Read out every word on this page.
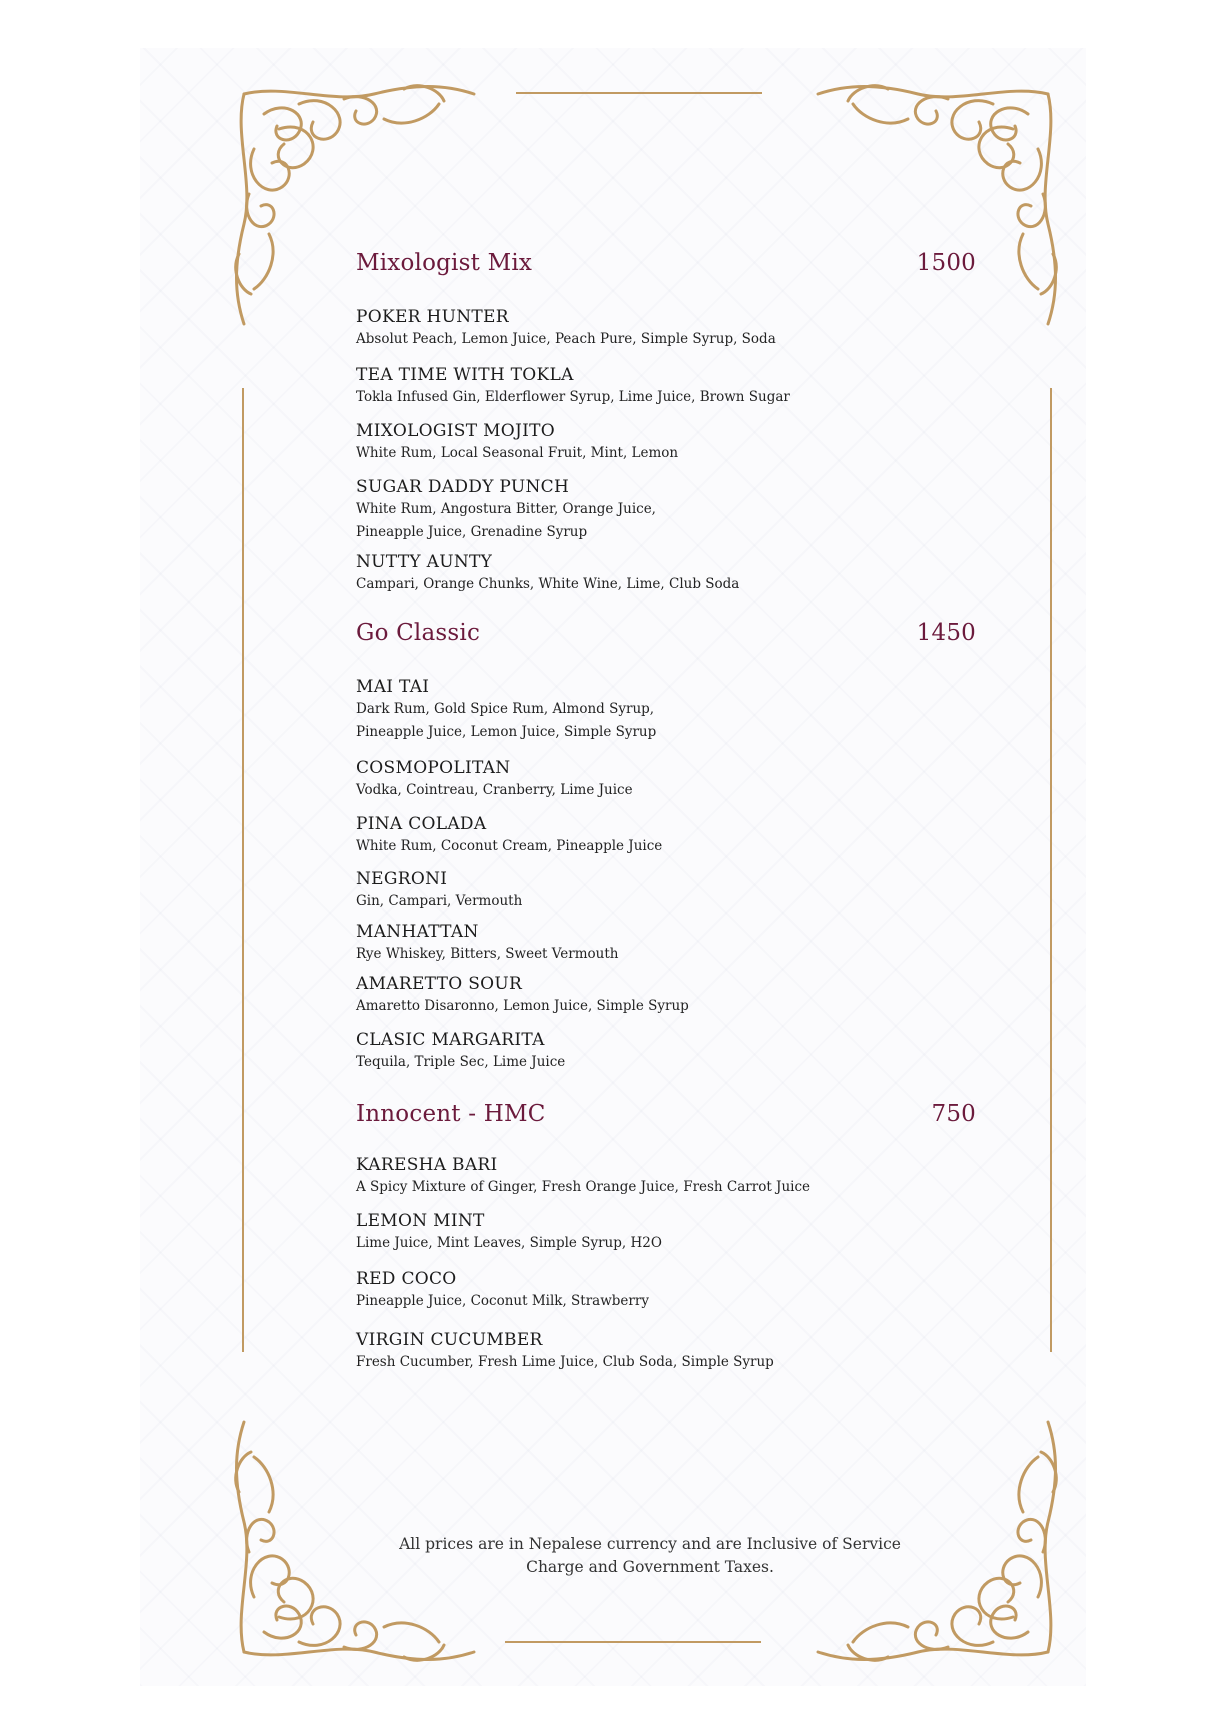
Mixologist Mix	1500
POKER HUNTER
Absolut Peach, Lemon Juice, Peach Pure, Simple Syrup, Soda
TEA TIME WITH TOKLA
Tokla Infused Gin, Elderflower Syrup, Lime Juice, Brown Sugar
MIXOLOGIST MOJITO
White Rum, Local Seasonal Fruit, Mint, Lemon
SUGAR DADDY PUNCH
White Rum, Angostura Bitter, Orange Juice,
Pineapple Juice, Grenadine Syrup
NUTTY AUNTY
Campari, Orange Chunks, White Wine, Lime, Club Soda
Go Classic	1450
MAI TAI
Dark Rum, Gold Spice Rum, Almond Syrup,
Pineapple Juice, Lemon Juice, Simple Syrup
COSMOPOLITAN
Vodka, Cointreau, Cranberry, Lime Juice
PINA COLADA
White Rum, Coconut Cream, Pineapple Juice
NEGRONI
Gin, Campari, Vermouth
MANHATTAN
Rye Whiskey, Bitters, Sweet Vermouth
AMARETTO SOUR
Amaretto Disaronno, Lemon Juice, Simple Syrup
CLASIC MARGARITA
Tequila, Triple Sec, Lime Juice
Innocent - HMC	750
KARESHA BARI
A Spicy Mixture of Ginger, Fresh Orange Juice, Fresh Carrot Juice
LEMON MINT
Lime Juice, Mint Leaves, Simple Syrup, H2O
RED COCO
Pineapple Juice, Coconut Milk, Strawberry
VIRGIN CUCUMBER
Fresh Cucumber, Fresh Lime Juice, Club Soda, Simple Syrup
All prices are in Nepalese currency and are Inclusive of Service
Charge and Government Taxes.
